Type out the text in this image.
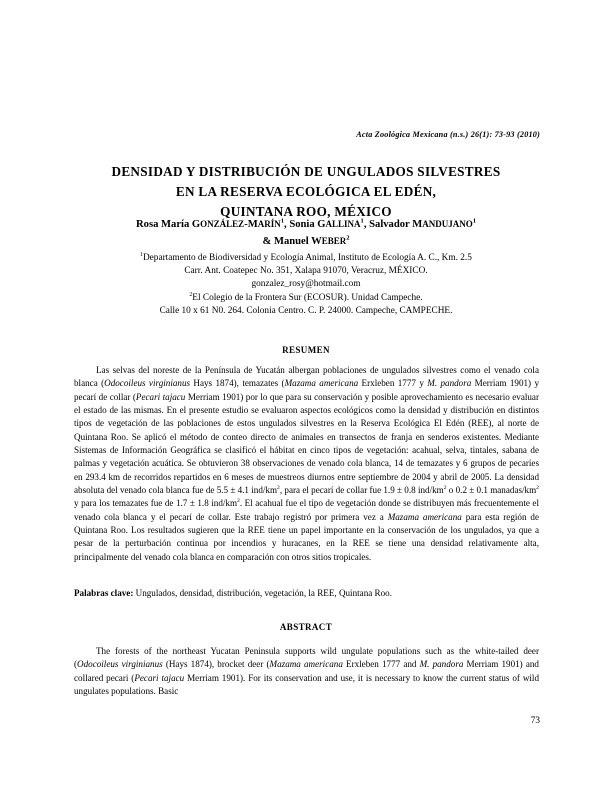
Acta Zoológica Mexicana (n.s.) 26(1): 73-93 (2010)
DENSIDAD Y DISTRIBUCIÓN DE UNGULADOS SILVESTRES
EN LA RESERVA ECOLÓGICA EL EDÉN,
QUINTANA ROO, MÉXICO
Rosa María GONZÁLEZ-MARÍN$^1$, Sonia GALLINA$^1$, Salvador MANDUJANO$^1$
& Manuel WEBER$^2$
$^1$Departamento de Biodiversidad y Ecología Animal, Instituto de Ecología A. C., Km. 2.5
Carr. Ant. Coatepec No. 351, Xalapa 91070, Veracruz, MÉXICO.
gonzalez_rosy@hotmail.com
$^2$El Colegio de la Frontera Sur (ECOSUR). Unidad Campeche.
Calle 10 x 61 N0. 264. Colonia Centro. C. P. 24000. Campeche, CAMPECHE.
RESUMEN

Las selvas del noreste de la Península de Yucatán albergan poblaciones de ungulados silvestres como el venado cola blanca (Odocoileus virginianus Hays 1874), temazates (Mazama americana Erxleben 1777 y M. pandora Merriam 1901) y pecarí de collar (Pecari tajacu Merriam 1901) por lo que para su conservación y posible aprovechamiento es necesario evaluar el estado de las mismas. En el presente estudio se evaluaron aspectos ecológicos como la densidad y distribución en distintos tipos de vegetación de las poblaciones de estos ungulados silvestres en la Reserva Ecológica El Edén (REE), al norte de Quintana Roo. Se aplicó el método de conteo directo de animales en transectos de franja en senderos existentes. Mediante Sistemas de Información Geográfica se clasificó el hábitat en cinco tipos de vegetación: acahual, selva, tintales, sabana de palmas y vegetación acuática. Se obtuvieron 38 observaciones de venado cola blanca, 14 de temazates y 6 grupos de pecaríes en 293.4 km de recorridos repartidos en 6 meses de muestreos diurnos entre septiembre de 2004 y abril de 2005. La densidad absoluta del venado cola blanca fue de 5.5 ± 4.1 ind/$km^2$, para el pecarí de collar fue 1.9 ± 0.8 ind/$km^2$ o 0.2 ± 0.1 manadas/$km^2$ y para los temazates fue de 1.7 ± 1.8 ind/$km^2$. El acahual fue el tipo de vegetación donde se distribuyen más frecuentemente el venado cola blanca y el pecarí de collar. Este trabajo registró por primera vez a Mazama americana para esta región de Quintana Roo. Los resultados sugieren que la REE tiene un papel importante en la conservación de los ungulados, ya que a pesar de la perturbación continua por incendios y huracanes, en la REE se tiene una densidad relativamente alta, principalmente del venado cola blanca en comparación con otros sitios tropicales.

Palabras clave: Ungulados, densidad, distribución, vegetación, la REE, Quintana Roo.
ABSTRACT

The forests of the northeast Yucatan Peninsula supports wild ungulate populations such as the white-tailed deer (Odocoileus virginianus (Hays 1874), brocket deer (Mazama americana Erxleben 1777 and M. pandora Merriam 1901) and collared pecari (Pecari tajacu Merriam 1901). For its conservation and use, it is necessary to know the current status of wild ungulates populations. Basic

73
